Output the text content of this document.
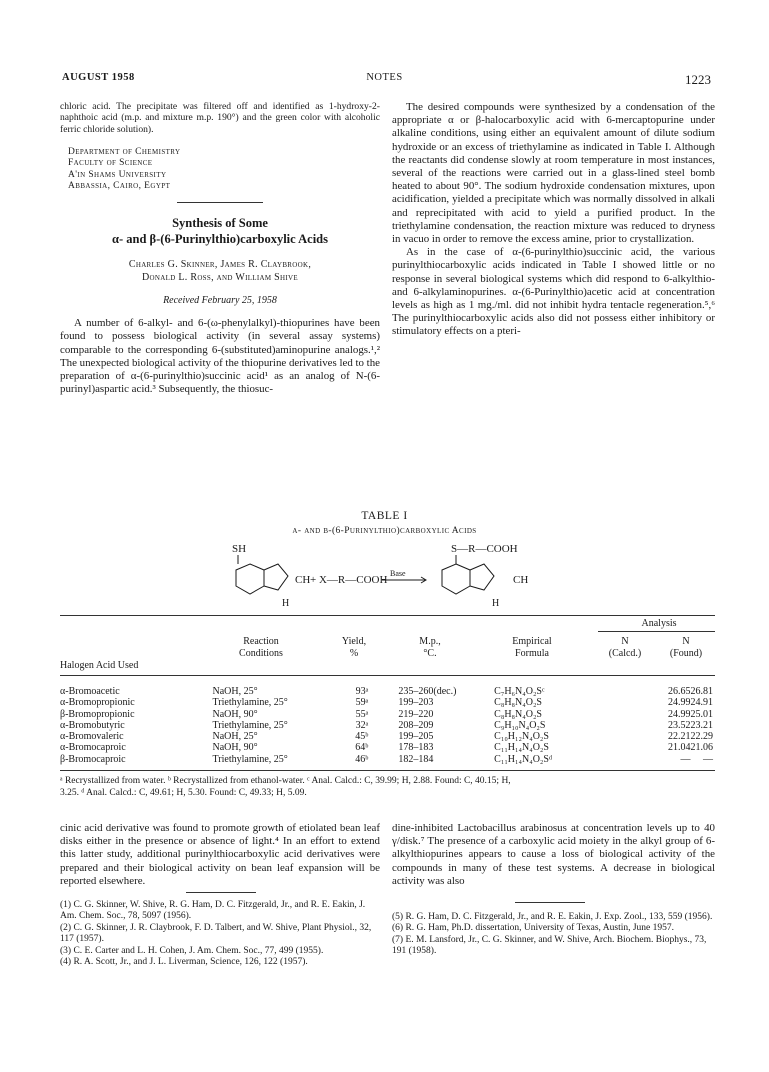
AUGUST 1958	NOTES	1223

chloric acid. The precipitate was filtered off and identified as 1-hydroxy-2-naphthoic acid (m.p. and mixture m.p. 190°) and the green color with alcoholic ferric chloride solution).

Department of Chemistry
Faculty of Science
A'in Shams University
Abbassia, Cairo, Egypt
Synthesis of Some
α- and β-(6-Purinylthio)carboxylic Acids
Charles G. Skinner, James R. Claybrook,
Donald L. Ross, and William Shive
Received February 25, 1958

A number of 6-alkyl- and 6-(ω-phenylalkyl)-thiopurines have been found to possess biological activity (in several assay systems) comparable to the corresponding 6-(substituted)aminopurine analogs.¹,² The unexpected biological activity of the thiopurine derivatives led to the preparation of α-(6-purinylthio)succinic acid¹ as an analog of N-(6-purinyl)aspartic acid.³ Subsequently, the thiosuc-

The desired compounds were synthesized by a condensation of the appropriate α or β-halocarboxylic acid with 6-mercaptopurine under alkaline conditions, using either an equivalent amount of dilute sodium hydroxide or an excess of triethylamine as indicated in Table I. Although the reactants did condense slowly at room temperature in most instances, several of the reactions were carried out in a glass-lined steel bomb heated to about 90°. The sodium hydroxide condensation mixtures, upon acidification, yielded a precipitate which was normally dissolved in alkali and reprecipitated with acid to yield a purified product. In the triethylamine condensation, the reaction mixture was reduced to dryness in vacuo in order to remove the excess amine, prior to crystallization.

As in the case of α-(6-purinylthio)succinic acid, the various purinylthiocarboxylic acids indicated in Table I showed little or no response in several biological systems which did respond to 6-alkylthio- and 6-alkylaminopurines. α-(6-Purinylthio)acetic acid at concentration levels as high as 1 mg./ml. did not inhibit hydra tentacle regeneration.⁵,⁶ The purinylthiocarboxylic acids also did not possess either inhibitory or stimulatory effects on a pteri-

TABLE I
α- and β-(6-Purinylthio)carboxylic Acids
SH	S—R—COOH
+ X—R—COOH
Base
CH	CH
H	H
Halogen Acid Used
Reaction
Conditions
Yield,
%
M.p.,
°C.
Empirical
Formula
Analysis
N
(Calcd.)
N
(Found)
α-Bromoacetic	NaOH, 25°	93ᵃ	235–260(dec.)	C₇H₆N₄O₂Sᶜ	26.65	26.81
α-Bromopropionic	Triethylamine, 25°	59ᵃ	199–203	C₈H₈N₄O₂S	24.99	24.91
β-Bromopropionic	NaOH, 90°	55ᵃ	219–220	C₈H₈N₄O₂S	24.99	25.01
α-Bromobutyric	Triethylamine, 25°	32ᵃ	208–209	C₉H₁₀N₄O₂S	23.52	23.21
α-Bromovaleric	NaOH, 25°	45ᵇ	199–205	C₁₀H₁₂N₄O₂S	22.21	22.29
α-Bromocaproic	NaOH, 90°	64ᵇ	178–183	C₁₁H₁₄N₄O₂S	21.04	21.06
β-Bromocaproic	Triethylamine, 25°	46ᵇ	182–184	C₁₁H₁₄N₄O₂Sᵈ	—	—
ᵃ Recrystallized from water. ᵇ Recrystallized from ethanol-water. ᶜ Anal. Calcd.: C, 39.99; H, 2.88. Found: C, 40.15; H,
3.25. ᵈ Anal. Calcd.: C, 49.61; H, 5.30. Found: C, 49.33; H, 5.09.
cinic acid derivative was found to promote growth of etiolated bean leaf disks either in the presence or absence of light.⁴ In an effort to extend this latter study, additional purinylthiocarboxylic acid derivatives were prepared and their biological activity on bean leaf expansion will be reported elsewhere.
dine-inhibited Lactobacillus arabinosus at concentration levels up to 40 γ/disk.⁷ The presence of a carboxylic acid moiety in the alkyl group of 6-alkylthiopurines appears to cause a loss of biological activity of the compounds in many of these test systems. A decrease in biological activity was also

(1) C. G. Skinner, W. Shive, R. G. Ham, D. C. Fitzgerald, Jr., and R. E. Eakin, J. Am. Chem. Soc., 78, 5097 (1956).

(2) C. G. Skinner, J. R. Claybrook, F. D. Talbert, and W. Shive, Plant Physiol., 32, 117 (1957).

(3) C. E. Carter and L. H. Cohen, J. Am. Chem. Soc., 77, 499 (1955).

(4) R. A. Scott, Jr., and J. L. Liverman, Science, 126, 122 (1957).

(5) R. G. Ham, D. C. Fitzgerald, Jr., and R. E. Eakin, J. Exp. Zool., 133, 559 (1956).

(6) R. G. Ham, Ph.D. dissertation, University of Texas, Austin, June 1957.

(7) E. M. Lansford, Jr., C. G. Skinner, and W. Shive, Arch. Biochem. Biophys., 73, 191 (1958).
